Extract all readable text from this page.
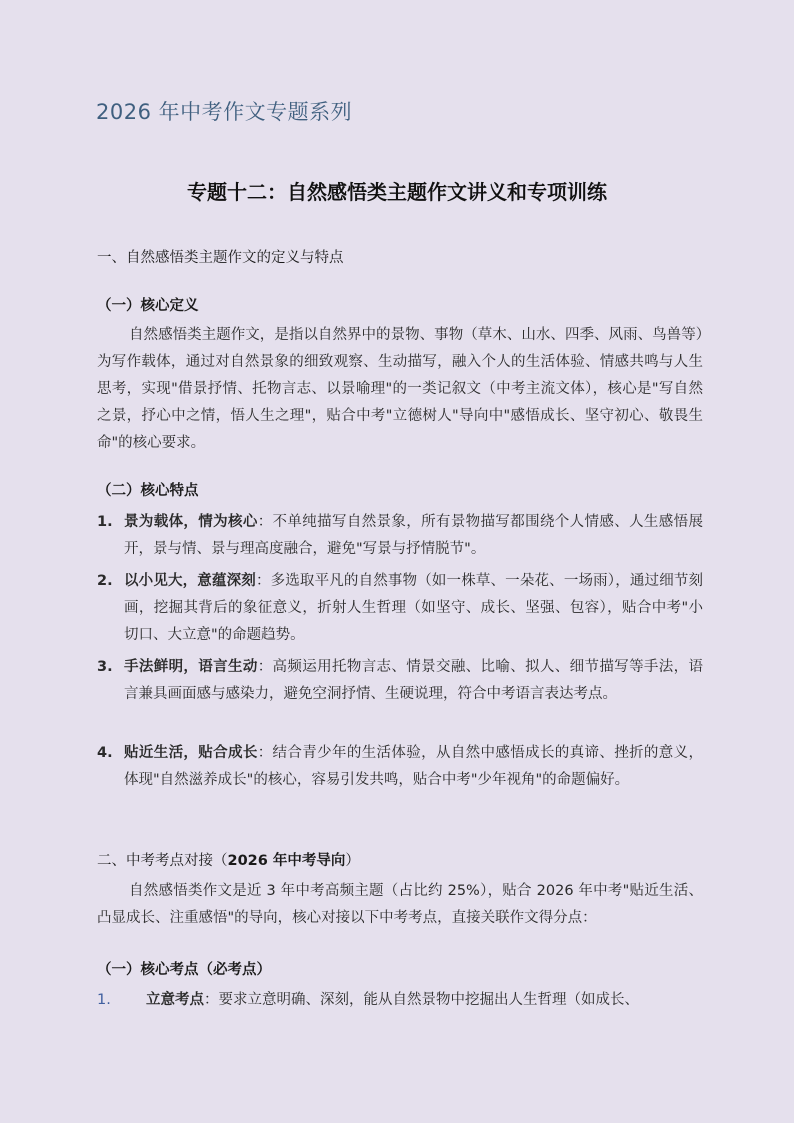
2026 年中考作文专题系列
专题十二：自然感悟类主题作文讲义和专项训练
一、自然感悟类主题作文的定义与特点
（一）核心定义
自然感悟类主题作文，是指以自然界中的景物、事物（草木、山水、四季、风雨、鸟兽等）为写作载体，通过对自然景象的细致观察、生动描写，融入个人的生活体验、情感共鸣与人生思考，实现"借景抒情、托物言志、以景喻理"的一类记叙文（中考主流文体），核心是"写自然之景，抒心中之情，悟人生之理"，贴合中考"立德树人"导向中"感悟成长、坚守初心、敬畏生命"的核心要求。
（二）核心特点
1. 景为载体，情为核心：不单纯描写自然景象，所有景物描写都围绕个人情感、人生感悟展开，景与情、景与理高度融合，避免"写景与抒情脱节"。
2. 以小见大，意蕴深刻：多选取平凡的自然事物（如一株草、一朵花、一场雨），通过细节刻画，挖掘其背后的象征意义，折射人生哲理（如坚守、成长、坚强、包容），贴合中考"小切口、大立意"的命题趋势。
3. 手法鲜明，语言生动：高频运用托物言志、情景交融、比喻、拟人、细节描写等手法，语言兼具画面感与感染力，避免空洞抒情、生硬说理，符合中考语言表达考点。
4. 贴近生活，贴合成长：结合青少年的生活体验，从自然中感悟成长的真谛、挫折的意义，体现"自然滋养成长"的核心，容易引发共鸣，贴合中考"少年视角"的命题偏好。
二、中考考点对接（2026 年中考导向）
自然感悟类作文是近 3 年中考高频主题（占比约 25%），贴合 2026 年中考"贴近生活、凸显成长、注重感悟"的导向，核心对接以下中考考点，直接关联作文得分点：
（一）核心考点（必考点）
1. 立意考点：要求立意明确、深刻，能从自然景物中挖掘出人生哲理（如成长、
